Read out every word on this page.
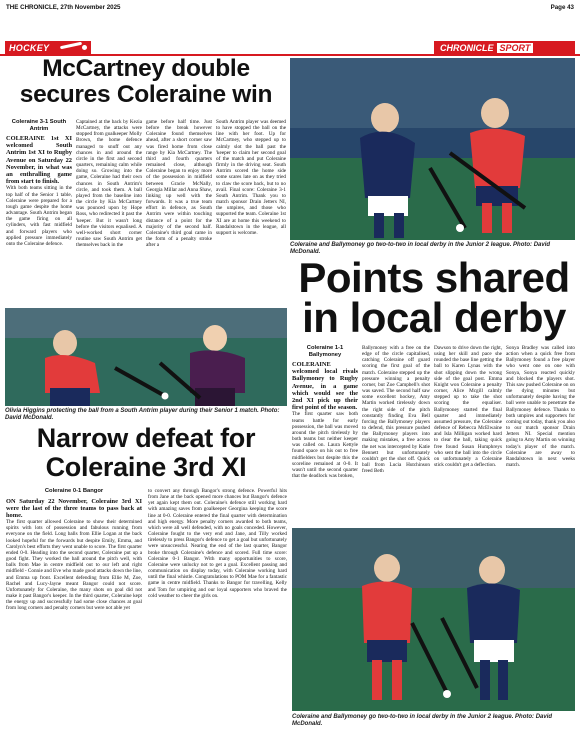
THE CHRONICLE, 27th November 2025	Page 43
HOCKEY	CHRONICLE SPORT
McCartney double
secures Coleraine win
Coleraine and Ballymoney go two-to-two in local derby in the Junior 2 league. Photo: David McDonald.

Coleraine 3-1 South Antrim

COLERAINE 1st XI welcomed South Antrim 1st XI to Rugby Avenue on Saturday 22 November, in what was an enthralling game from start to finish.

With both teams sitting in the top half of the Senior 1 table, Coleraine were prepared for a tough game despite the home advantage. South Antrim began the game firing on all cylinders, with fast midfield and forward players who applied pressure immediately onto the Coleraine defence.

Captained at the back by Kezia McCartney, the attacks were stopped from goalkeeper Molly Brown, the home defence managed to snuff out any chances in and around the circle in the first and second quarters, remaining calm while doing so. Growing into the game, Coleraine had their own chances in South Antrim's circle, and took them. A ball played from the baseline into the circle by Kia McCartney was pounced upon by Hope Ross, who redirected it past the 'keeper. But it wasn't long before the visitors equalised. A well-worked short corner routine saw South Antrim get themselves back in the

game before half time. Just before the break however Coleraine found themselves ahead, after a short corner saw was fired home from close range by Kia McCartney. The third and fourth quarters remained close, although Coleraine began to enjoy more of the possession in midfield between Gracie McNally, Georgia Millar and Anna Shaw, linking up well with the forwards. It was a true team effort in defence, as South Antrim were within touching distance of a point for the majority of the second half. Coleraine's third goal came in the form of a penalty stroke after a

South Antrim player was deemed to have stopped the ball on the line with her foot. Up for McCartney, who stepped up to calmly slot the ball past the 'keeper to claim her second goal of the match and put Coleraine firmly in the driving seat. South Antrim scored the home side some scares late on as they tried to claw the score back, but to no avail. Final score: Coleraine 3-1 South Antrim. Thank you to match sponsor Drain Jetters NI, the umpires, and those who supported the team. Coleraine 1st XI are at home this weekend to Randalstown in the league, all support is welcome.

Olivia Higgins protecting the ball from a South Antrim player during their Senior 1 match. Photo: David McDonald.
Points shared
in local derby

Coleraine 1-1 Ballymoney

COLERAINE welcomed local rivals Ballymoney to Rugby Avenue, in a game which would see the 2nd XI pick up their first point of the season.

The first quarter saw both teams battle for early possession, the ball was moved around the pitch tirelessly by both teams but neither keeper was called on. Laura Kettyle found space on his out to free midfielders but despite this the scoreline remained at 0-0. It wasn't until the second quarter that the deadlock was broken,

Ballymoney with a free on the edge of the circle capitalised, catching Coleraine off guard scoring the first goal of the match. Coleraine stepped up the pressure winning a penalty corner, but Zoe Campbell's shot was saved. The second half saw some excellent hockey, Amy Martin worked tirelessly down the right side of the pitch constantly finding Eva Bell forcing the Ballymoney players to defend, this pressure pushed the Ballymoney players into making mistakes, a free across the net was intercepted by Katie Bennett but unfortunately couldn't get the shot off. Quick ball from Lucia Hutchinson freed Beth

Dawson to drive down the right, using her skill and pace she rounded the base line getting the ball to Karen Lynas with the shot slipping down the wrong side of the goal post. Emma Knight won Coleraine a penalty corner, Alice Mcgill calmly stepped up to take the shot scoring the equaliser. Ballymoney started the final quarter and immediately assumed pressure, the Coleraine defence of Rebecca McElwaine and Isla Milligan worked hard to clear the ball, taking quick free found Susan Humphreys who sent the ball into the circle on unfortunately a Coleraine stick couldn't get a deflection.

Sonya Bradley was called into action when a quick free from Ballymoney found a free player who went one on one with Sonya, Sonya reacted quickly and blocked the players shot. This saw pushed Coleraine on on the dying minutes but unfortunately despite having the ball were unable to penetrate the Ballymoney defence. Thanks to both umpires and supporters for coming out today, thank you also to our match sponsor Drain Jetters NI. Special mention going to Amy Martin on winning today's player of the match. Coleraine are away to Randalstown in next weeks match.

Coleraine and Ballymoney go two-to-two in local derby in the Junior 2 league. Photo: David McDonald.
Narrow defeat for
Coleraine 3rd XI

Coleraine 0-1 Bangor

ON Saturday 22 November, Coleraine 3rd XI were the last of the three teams to pass back at home.

The first quarter allowed Coleraine to show their determined spirits with lots of possession and fabulous running from everyone on the field. Long balls from Ellie Logan at the back looked hopeful for the forwards but despite Emily, Emma, and Carolyn's best efforts they went unable to score. The first quarter ended 0-0. Heading into the second quarter, Coleraine put up a good fight. They worked the ball around the pitch well, with balls from Mae in centre midfield out to our left and right midfield - Connie and Eve who made good attacks down the line, and Emma up front. Excellent defending from Ellie M, Zoe, Rachel and Lucy-Jayne meant Bangor could not score. Unfortunately for Coleraine, the many shots on goal did not make it past Bangor's keeper. In the third quarter, Coleraine kept the energy up and successfully had some close chances at goal from long corners and penalty corners but were not able yet

to convert any through Bangor's strong defence. Powerful hits from Jane at the back opened more chances but Bangor's defence yet again kept them out. Coleraine's defence still working hard with amazing saves from goalkeeper Georgina keeping the score line at 0-0. Coleraine entered the final quarter with determination and high energy. More penalty corners awarded to both teams, which were all well defended, with no goals conceded. However, Coleraine fought to the very end and Jane, and Tilly worked tirelessly to press Bangor's defence to get a goal but unfortunately were unsuccessful. Nearing the end of the last quarter, Bangor broke through Coleraine's defence and scored. Full time score: Coleraine 0-1 Bangor. With many opportunities to score, Coleraine were unlucky not to get a goal. Excellent passing and communication on display today, with Coleraine working hard until the final whistle. Congratulations to POM Mae for a fantastic game in centre midfield. Thanks to Bangor for travelling, Kelly and Tom for umpiring and our loyal supporters who braved the cold weather to cheer the girls on.
